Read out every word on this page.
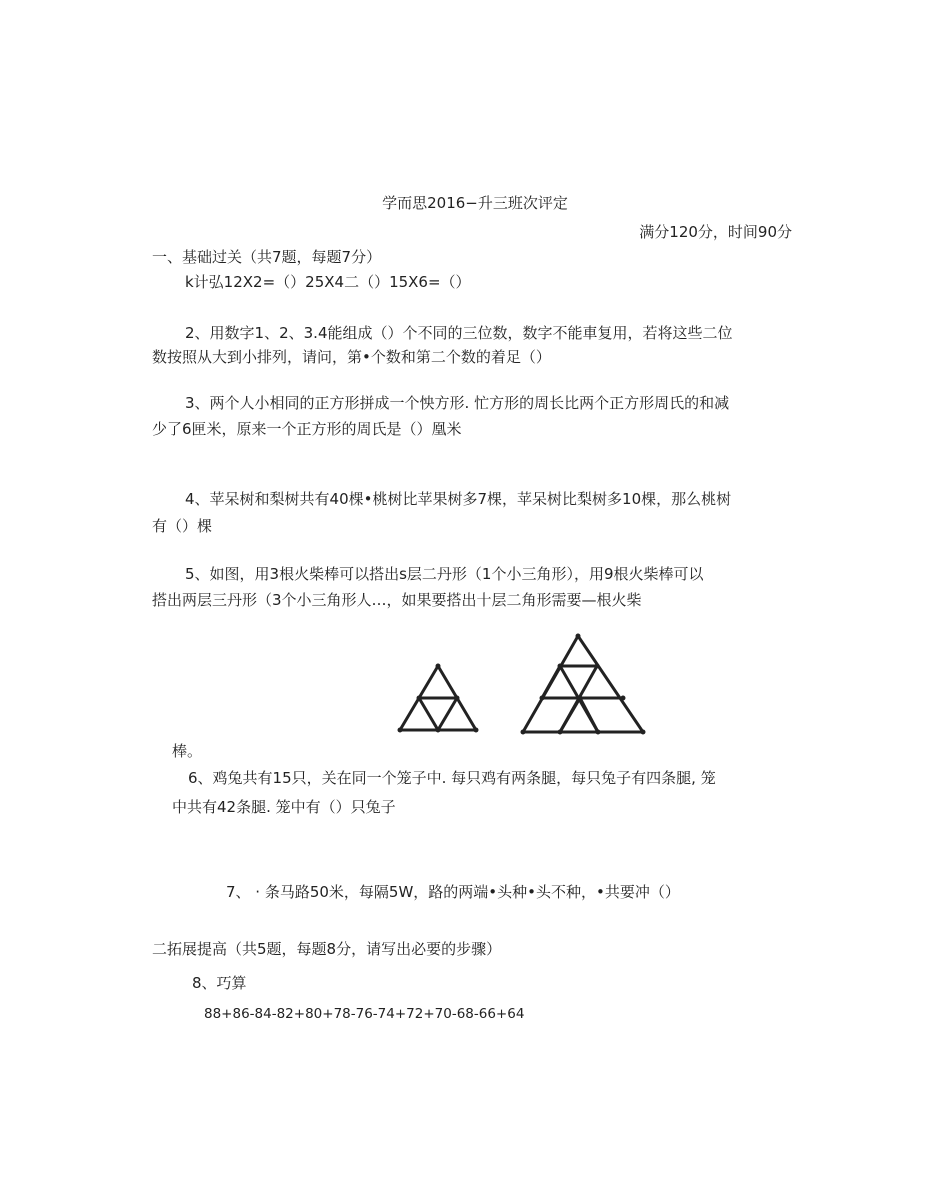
学而思2016−升三班次评定
满分120分，时间90分
一、基础过关（共7题，每题7分）
k计弘12X2=（）25X4二（）15X6=（）
2、用数字1、2、3.4能组成（）个不同的三位数，数字不能車复用，若将这些二位
数按照从大到小排列，请问，第•个数和第二个数的着足（）
3、两个人小相同的正方形拼成一个怏方形. 忙方形的周长比两个正方形周氏的和减
少了6匣米，原来一个正方形的周氏是（）凰米
4、苹呆树和梨树共有40棵•桃树比苹果树多7棵，苹呆树比梨树多10棵，那么桃树
有（）棵
5、如图，用3根火柴棒可以搭出s层二丹形（1个小三角形），用9根火柴棒可以
搭出两层三丹形（3个小三角形人…，如果要搭出十层二角形需要—根火柴
棒。
6、鸡兔共有15只，关在同一个笼子中. 每只鸡有两条腿，每只兔子有四条腿, 笼
中共有42条腿. 笼中有（）只兔子
7、 · 条马路50米，每隔5W，路的两端•头种•头不种，•共要冲（）
二拓展提高（共5题，每题8分，请写出必要的步骤）
8、巧算
88+86-84-82+80+78-76-74+72+70-68-66+64
